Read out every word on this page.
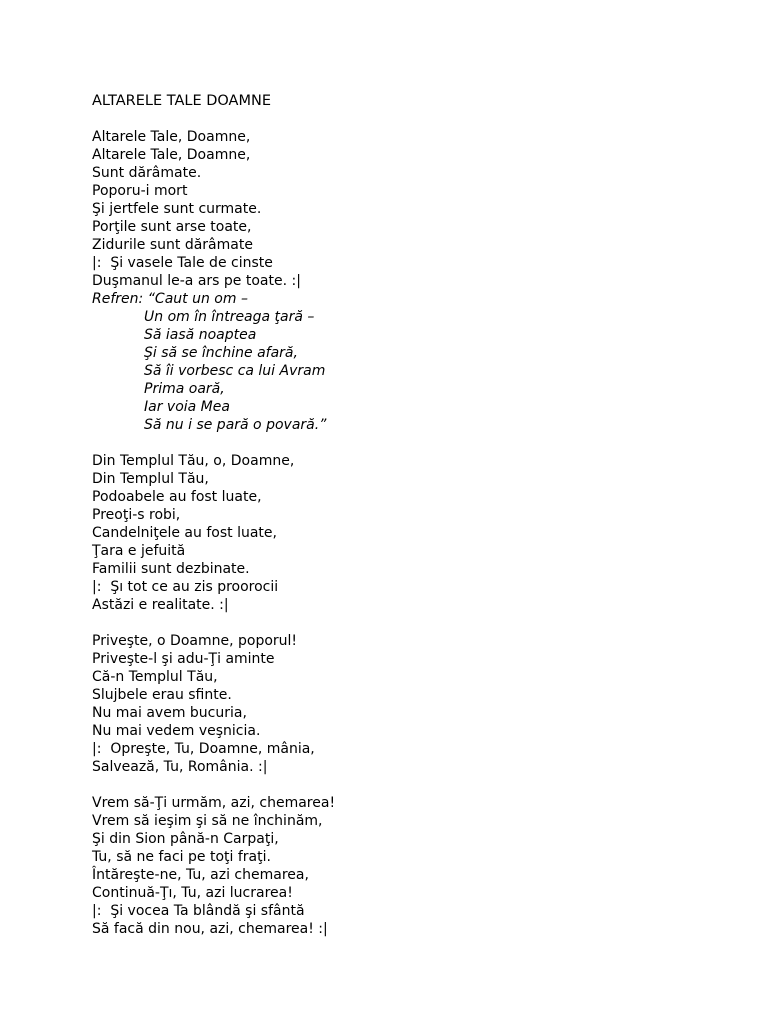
ALTARELE TALE DOAMNE
Altarele Tale, Doamne,
Altarele Tale, Doamne,
Sunt dărâmate.
Poporu-i mort
Şi jertfele sunt curmate.
Porţile sunt arse toate,
Zidurile sunt dărâmate
|:  Şi vasele Tale de cinste
Duşmanul le-a ars pe toate. :|
Refren: “Caut un om –
Un om în întreaga ţară –
Să iasă noaptea
Şi să se închine afară,
Să îi vorbesc ca lui Avram
Prima oară,
Iar voia Mea
Să nu i se pară o povară.”
Din Templul Tău, o, Doamne,
Din Templul Tău,
Podoabele au fost luate,
Preoţi-s robi,
Candelniţele au fost luate,
Ţara e jefuită
Familii sunt dezbinate.
|:  Şı tot ce au zis proorocii
Astăzi e realitate. :|
Priveşte, o Doamne, poporul!
Priveşte-l şi adu-Ţi aminte
Că-n Templul Tău,
Slujbele erau sfinte.
Nu mai avem bucuria,
Nu mai vedem veşnicia.
|:  Opreşte, Tu, Doamne, mânia,
Salvează, Tu, România. :|
Vrem să-Ţi urmăm, azi, chemarea!
Vrem să ieşim şi să ne închinăm,
Şi din Sion până-n Carpaţi,
Tu, să ne faci pe toţi fraţi.
Întăreşte-ne, Tu, azi chemarea,
Continuă-Ţı, Tu, azi lucrarea!
|:  Şi vocea Ta blândă şi sfântă
Să facă din nou, azi, chemarea! :|
